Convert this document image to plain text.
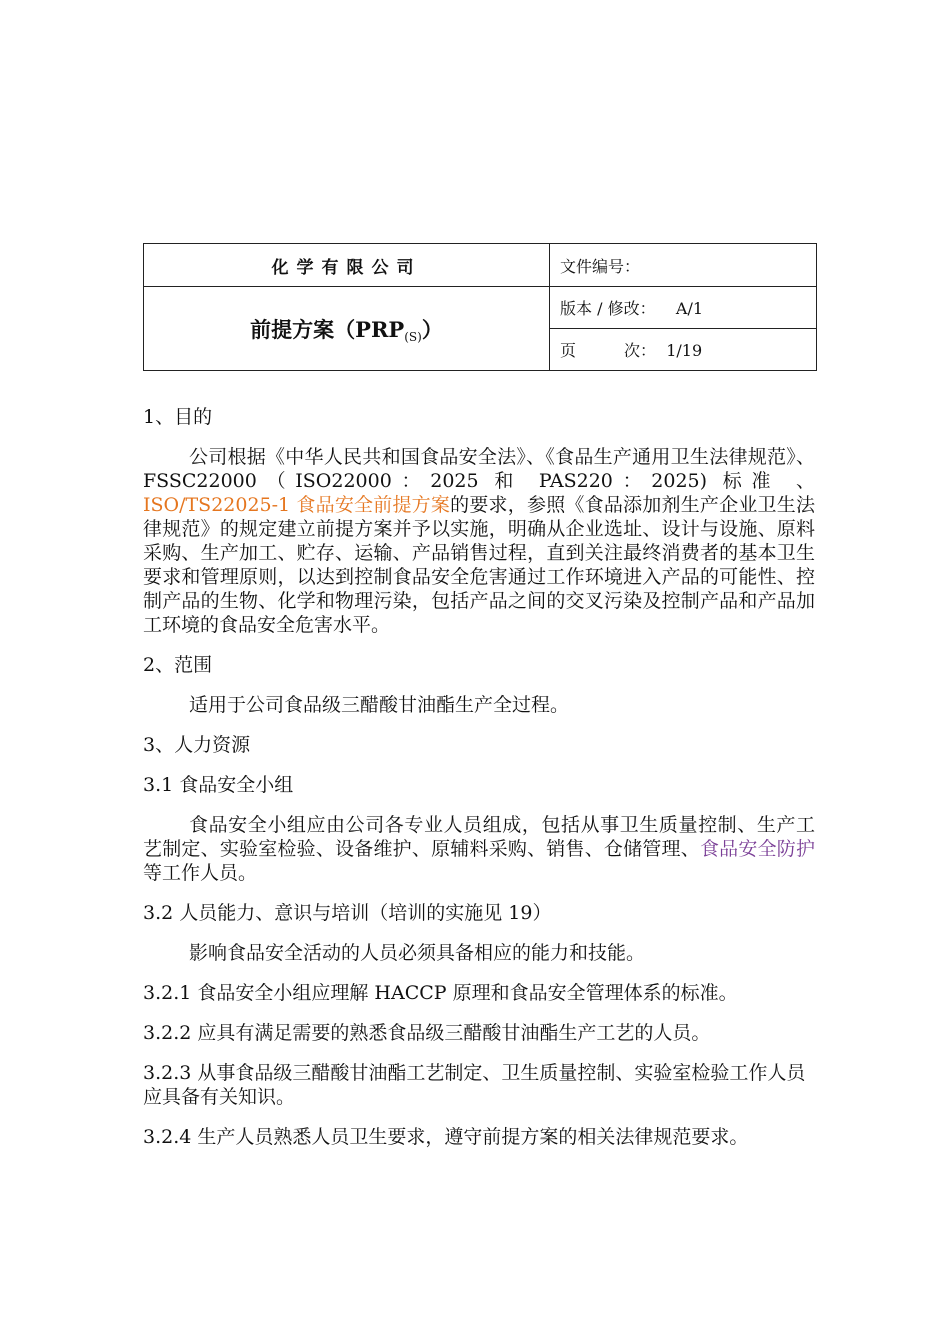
化学有限公司	文件编号：
前提方案$(PRP_{(S)})$	版本 / 修改： A/1
	页　　　次： 1/19

1、目的

公司根据《中华人民共和国食品安全法》、《食品生产通用卫生法律规范》、FSSC22000（ISO22000：2025 和 PAS220：2025) 标准 、ISO/TS22025-1 食品安全前提方案的要求，参照《食品添加剂生产企业卫生法律规范》的规定建立前提方案并予以实施，明确从企业选址、设计与设施、原料采购、生产加工、贮存、运输、产品销售过程，直到关注最终消费者的基本卫生要求和管理原则，以达到控制食品安全危害通过工作环境进入产品的可能性、控制产品的生物、化学和物理污染，包括产品之间的交叉污染及控制产品和产品加工环境的食品安全危害水平。

2、范围

适用于公司食品级三醋酸甘油酯生产全过程。

3、人力资源

3.1 食品安全小组

食品安全小组应由公司各专业人员组成，包括从事卫生质量控制、生产工艺制定、实验室检验、设备维护、原辅料采购、销售、仓储管理、食品安全防护等工作人员。

3.2 人员能力、意识与培训（培训的实施见 19）

影响食品安全活动的人员必须具备相应的能力和技能。

3.2.1 食品安全小组应理解 HACCP 原理和食品安全管理体系的标准。

3.2.2 应具有满足需要的熟悉食品级三醋酸甘油酯生产工艺的人员。

3.2.3 从事食品级三醋酸甘油酯工艺制定、卫生质量控制、实验室检验工作人员应具备有关知识。

3.2.4 生产人员熟悉人员卫生要求，遵守前提方案的相关法律规范要求。
